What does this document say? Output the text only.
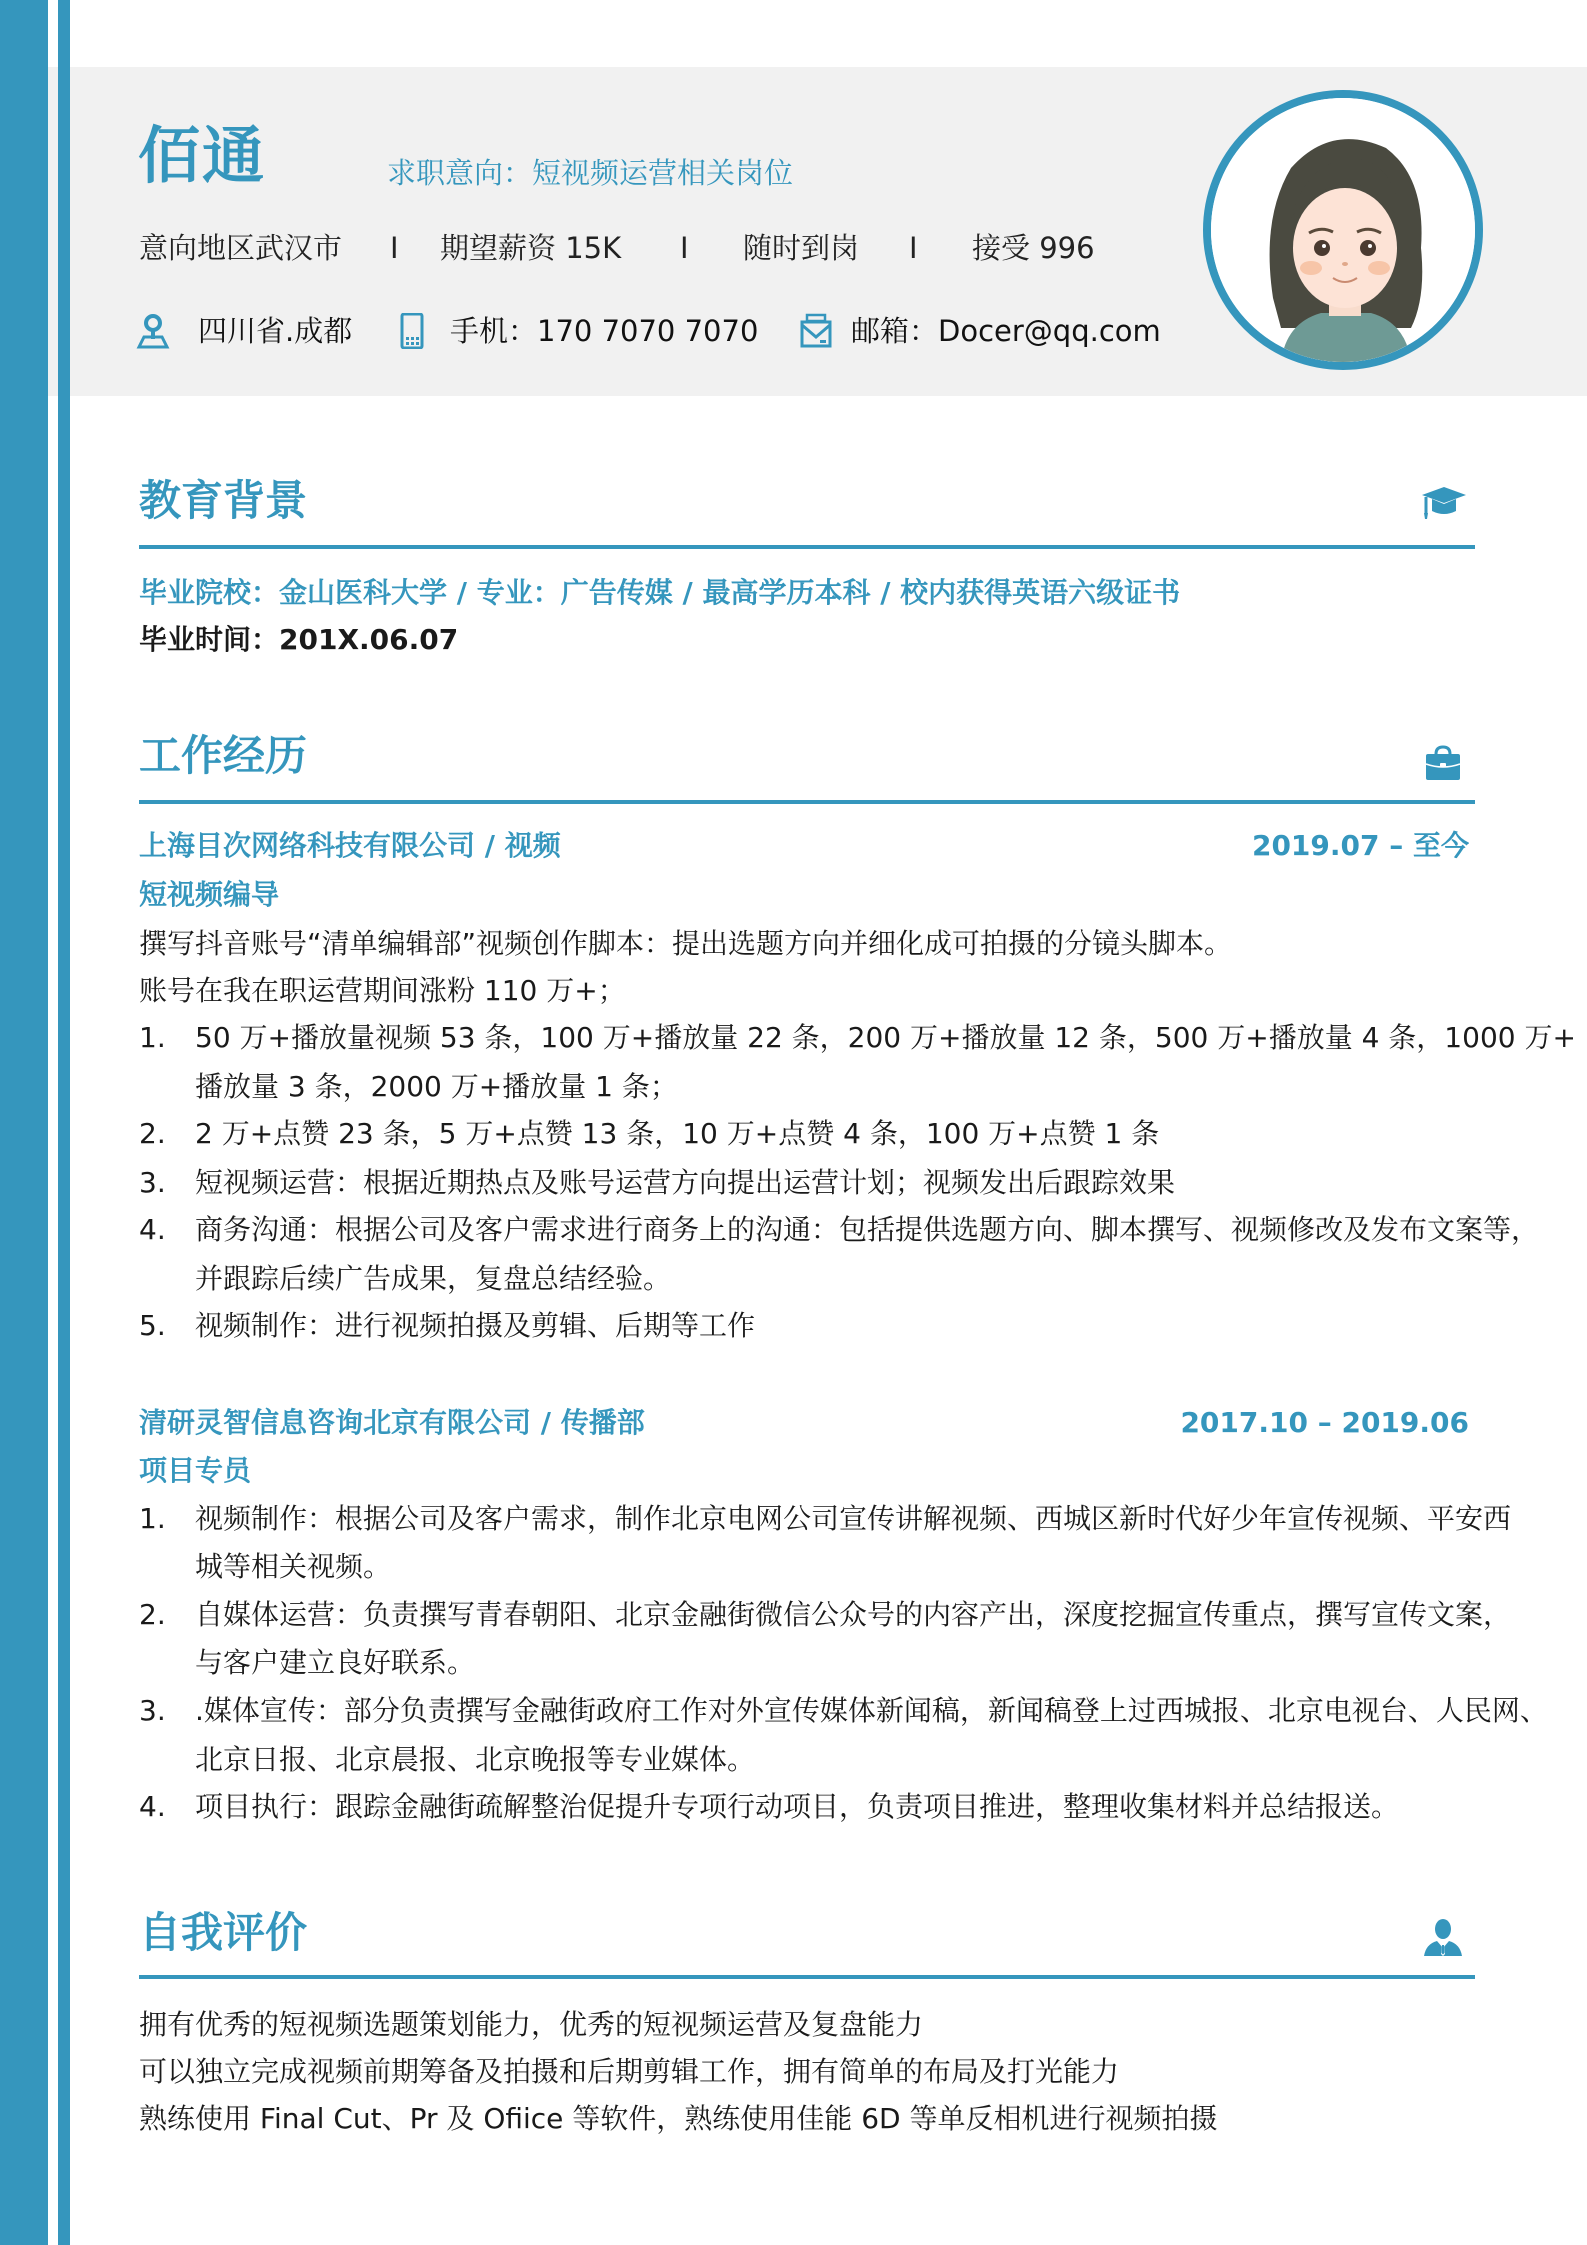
佰通	求职意向：短视频运营相关岗位
意向地区武汉市 I 期望薪资 15K I 随时到岗 I 接受 996
四川省.成都	手机：170 7070 7070	邮箱：Docer@qq.com
教育背景
毕业院校：金山医科大学 / 专业：广告传媒 / 最高学历本科 / 校内获得英语六级证书
毕业时间：201X.06.07
工作经历
上海目次网络科技有限公司 / 视频	2019.07 – 至今
短视频编导
撰写抖音账号“清单编辑部”视频创作脚本：提出选题方向并细化成可拍摄的分镜头脚本。
账号在我在职运营期间涨粉 110 万+；
1. 50 万+播放量视频 53 条，100 万+播放量 22 条，200 万+播放量 12 条，500 万+播放量 4 条，1000 万+
播放量 3 条，2000 万+播放量 1 条；
2. 2 万+点赞 23 条，5 万+点赞 13 条，10 万+点赞 4 条，100 万+点赞 1 条
3. 短视频运营：根据近期热点及账号运营方向提出运营计划；视频发出后跟踪效果
4. 商务沟通：根据公司及客户需求进行商务上的沟通：包括提供选题方向、脚本撰写、视频修改及发布文案等，
并跟踪后续广告成果，复盘总结经验。
5. 视频制作：进行视频拍摄及剪辑、后期等工作
清研灵智信息咨询北京有限公司 / 传播部	2017.10 – 2019.06
项目专员
1. 视频制作：根据公司及客户需求，制作北京电网公司宣传讲解视频、西城区新时代好少年宣传视频、平安西
城等相关视频。
2. 自媒体运营：负责撰写青春朝阳、北京金融街微信公众号的内容产出，深度挖掘宣传重点，撰写宣传文案，
与客户建立良好联系。
3. .媒体宣传：部分负责撰写金融街政府工作对外宣传媒体新闻稿，新闻稿登上过西城报、北京电视台、人民网、
北京日报、北京晨报、北京晚报等专业媒体。
4. 项目执行：跟踪金融街疏解整治促提升专项行动项目，负责项目推进，整理收集材料并总结报送。
自我评价
拥有优秀的短视频选题策划能力，优秀的短视频运营及复盘能力
可以独立完成视频前期筹备及拍摄和后期剪辑工作，拥有简单的布局及打光能力
熟练使用 Final Cut、Pr 及 Ofiice 等软件，熟练使用佳能 6D 等单反相机进行视频拍摄
